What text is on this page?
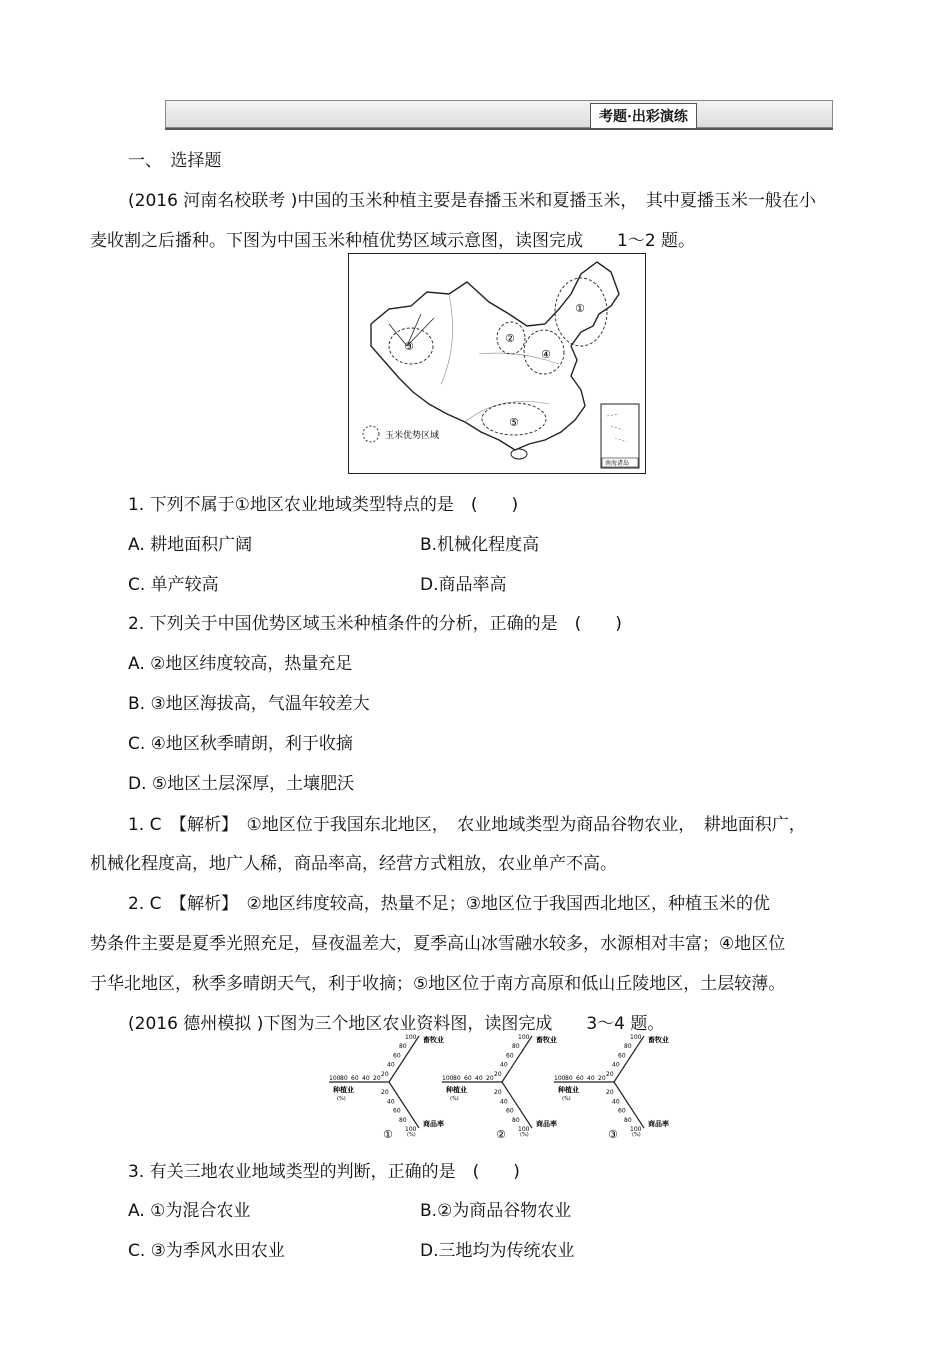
考题·出彩演练
一、　选择题
(2016 河南名校联考 )中国的玉米种植主要是春播玉米和夏播玉米，　其中夏播玉米一般在小
麦收割之后播种。下图为中国玉米种植优势区域示意图，读图完成　　1～2 题。
①
②
③
④
⑤
玉米优势区域
南海诸岛
1. 下列不属于①地区农业地域类型特点的是　(　　)
A. 耕地面积广阔	B.机械化程度高
C. 单产较高	D.商品率高
2. 下列关于中国优势区域玉米种植条件的分析，正确的是　(　　)
A. ②地区纬度较高，热量充足
B. ③地区海拔高，气温年较差大
C. ④地区秋季晴朗，利于收摘
D. ⑤地区土层深厚，土壤肥沃
1. C　【解析】　①地区位于我国东北地区，　农业地域类型为商品谷物农业，　耕地面积广，
机械化程度高，地广人稀，商品率高，经营方式粗放，农业单产不高。
2. C　【解析】　②地区纬度较高，热量不足；③地区位于我国西北地区，种植玉米的优
势条件主要是夏季光照充足，昼夜温差大，夏季高山冰雪融水较多，水源相对丰富；④地区位
于华北地区，秋季多晴朗天气，利于收摘；⑤地区位于南方高原和低山丘陵地区，土层较薄。
(2016 德州模拟 )下图为三个地区农业资料图，读图完成　　3～4 题。
100
100
100
80
80
80
60
60
60
40
40
40
20
20
20
畜牧业
种植业
(%)
商品率
(%)
①
100
100
100
80
80
80
60
60
60
40
40
40
20
20
20
畜牧业
种植业
(%)
商品率
(%)
②
100
100
100
80
80
80
60
60
60
40
40
40
20
20
20
畜牧业
种植业
(%)
商品率
(%)
③
3. 有关三地农业地域类型的判断，正确的是　(　　)
A. ①为混合农业	B.②为商品谷物农业
C. ③为季风水田农业	D.三地均为传统农业
